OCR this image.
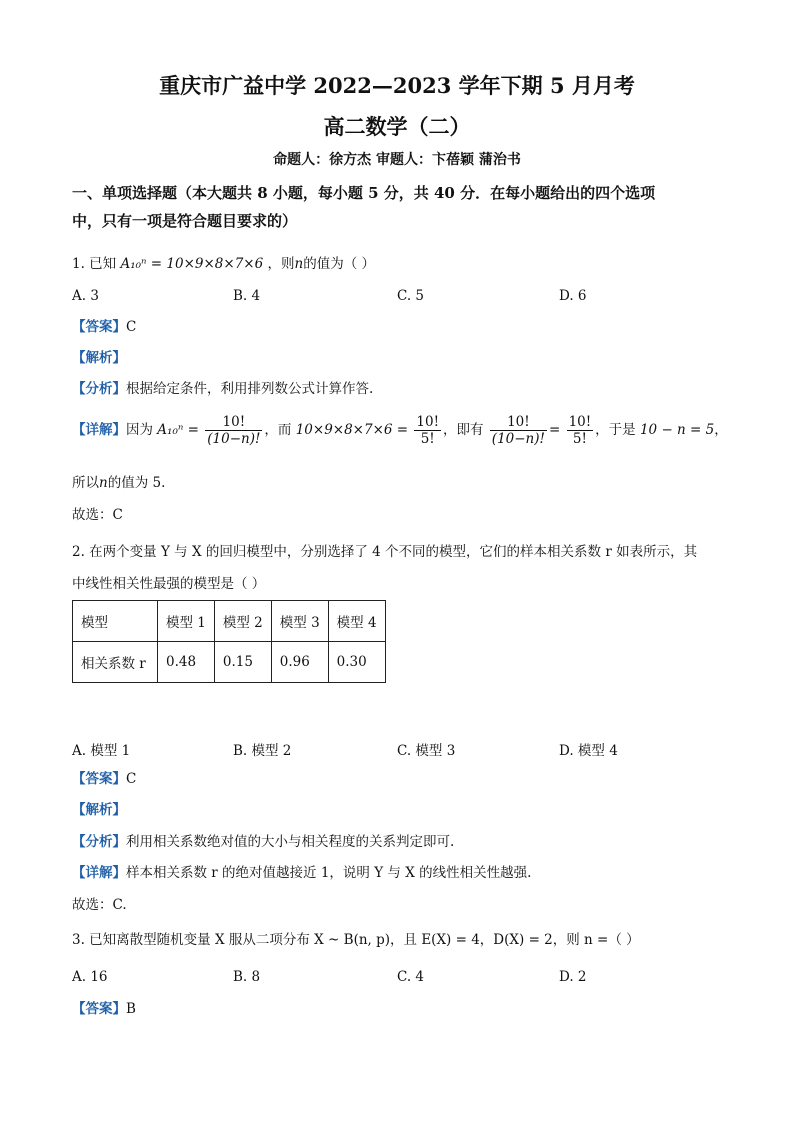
重庆市广益中学 2022—2023 学年下期 5 月月考
高二数学（二）
命题人：徐方杰 审题人：卞蓓颖 蒲治书
一、单项选择题（本大题共 8 小题，每小题 5 分，共 40 分．在每小题给出的四个选项
中，只有一项是符合题目要求的）
1. 已知 A₁₀ⁿ = 10×9×8×7×6 ，则n的值为（ ）
A. 3	B. 4	C. 5	D. 6
【答案】C
【解析】
【分析】根据给定条件，利用排列数公式计算作答.
【详解】因为 $A_{10}^n = \frac{10!}{(10-n)!}$ ，而 $10\times 9\times 8\times 7\times 6 = \frac{10!}{5!}$ ，即有 $\frac{10!}{(10-n)!} = \frac{10!}{5!}$ ，于是 10 − n = 5，
所以n的值为 5.
故选：C
2. 在两个变量 Y 与 X 的回归模型中，分别选择了 4 个不同的模型，它们的样本相关系数 r 如表所示，其
中线性相关性最强的模型是（ ）
模型	模型 1	模型 2	模型 3	模型 4
相关系数 r	0.48	0.15	0.96	0.30
A. 模型 1	B. 模型 2	C. 模型 3	D. 模型 4
【答案】C
【解析】
【分析】利用相关系数绝对值的大小与相关程度的关系判定即可.
【详解】样本相关系数 r 的绝对值越接近 1，说明 Y 与 X 的线性相关性越强.
故选：C.
3. 已知离散型随机变量 X 服从二项分布 X ~ B(n, p)，且 E(X) = 4，D(X) = 2，则 n =（ ）
A. 16	B. 8	C. 4	D. 2
【答案】B
